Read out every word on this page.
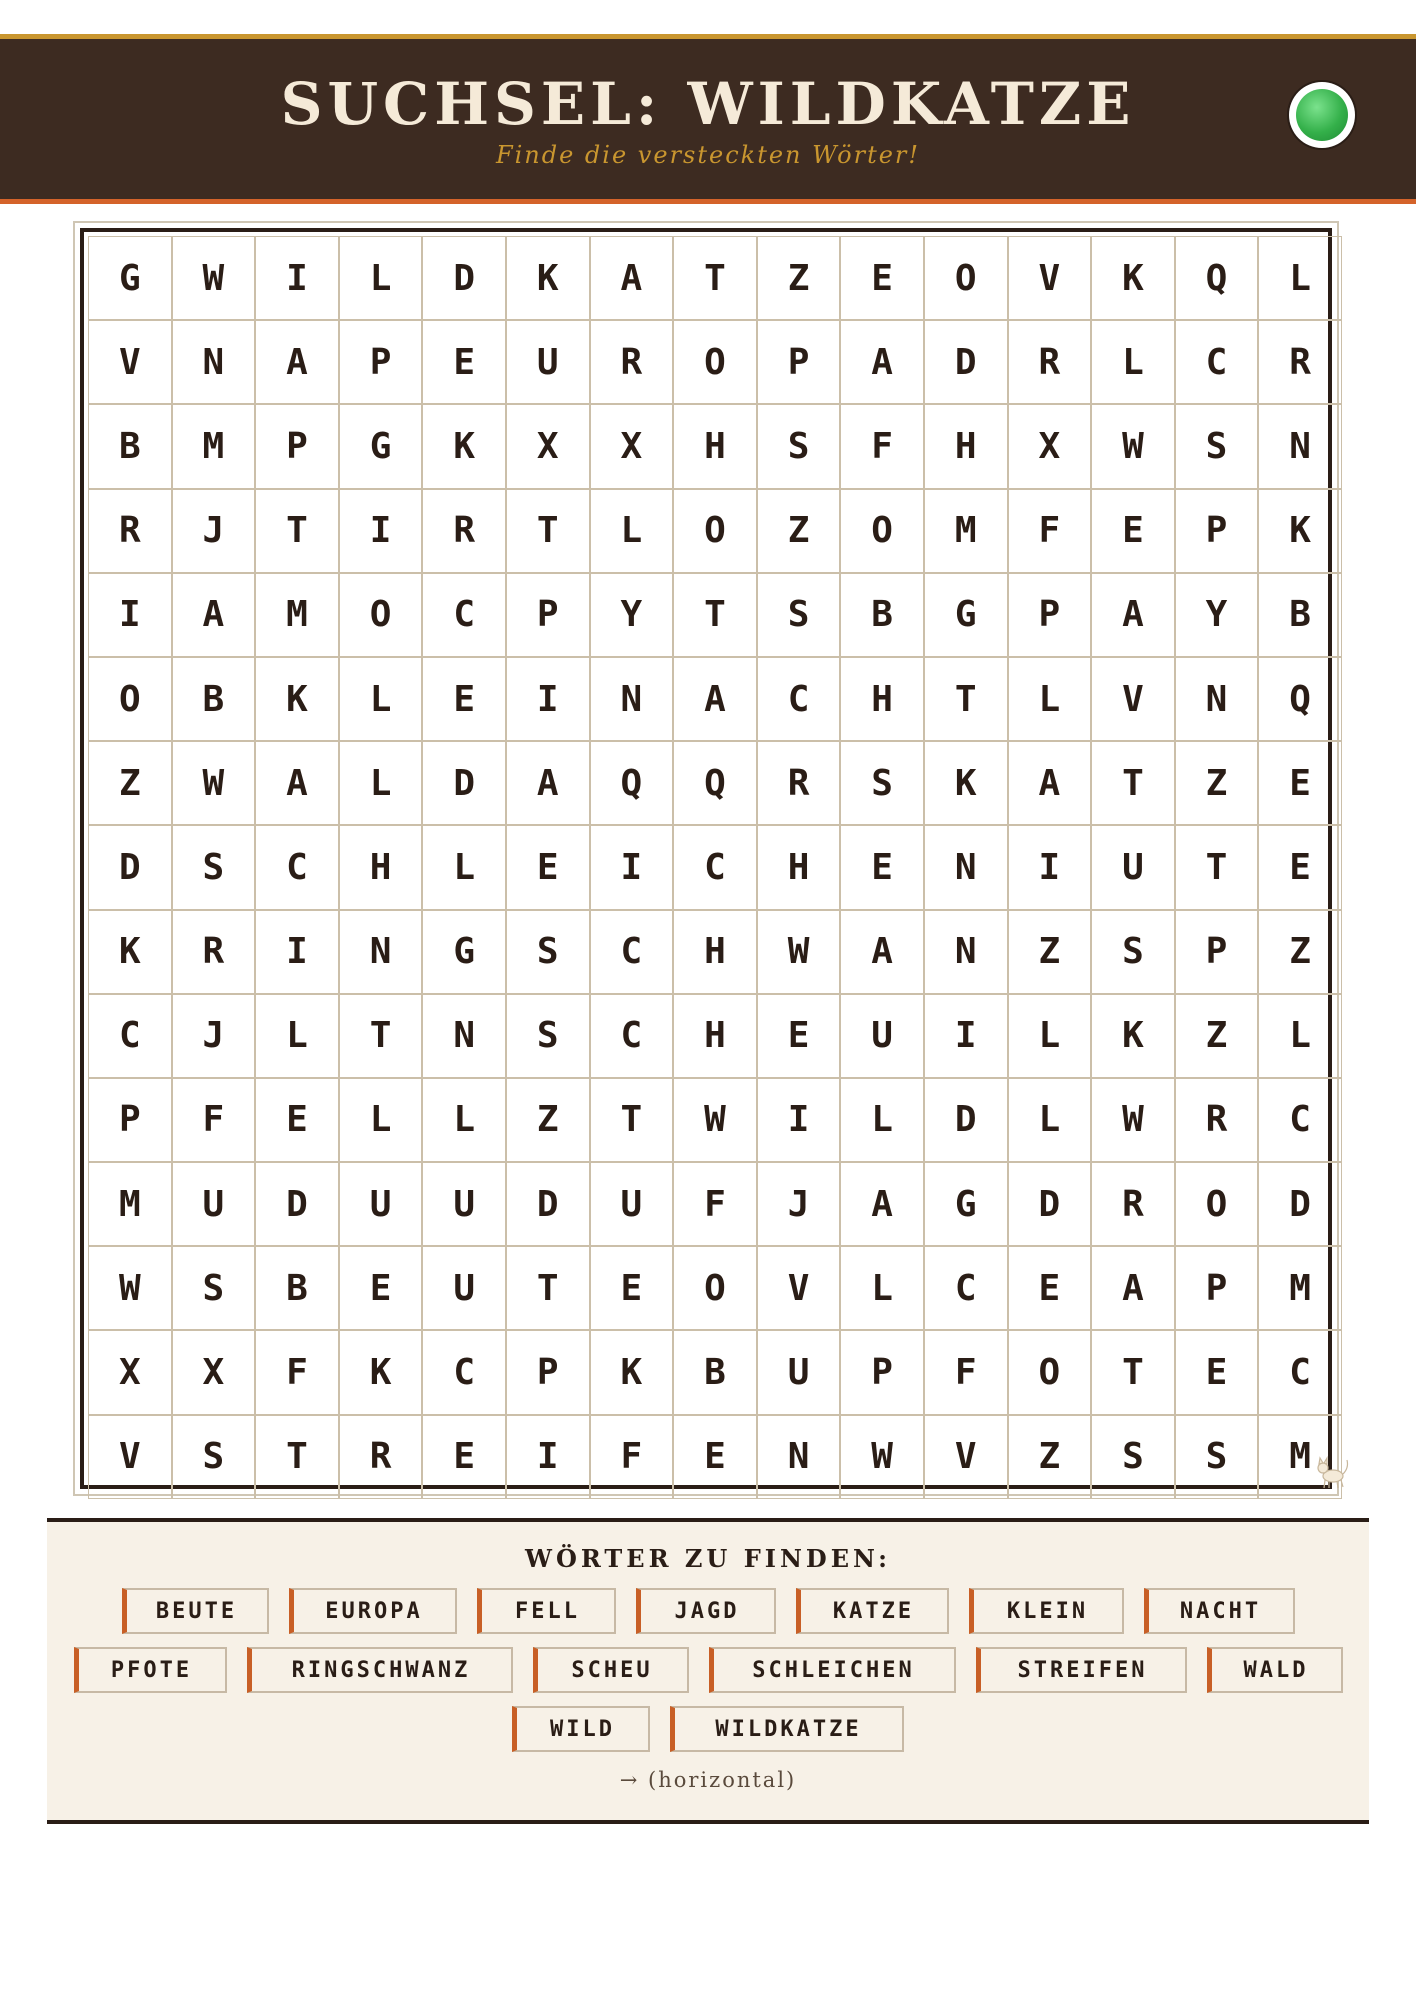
SUCHSEL: WILDKATZE
Finde die versteckten Wörter!
G	W	I	L	D	K	A	T	Z	E	O	V	K	Q	L
V	N	A	P	E	U	R	O	P	A	D	R	L	C	R
B	M	P	G	K	X	X	H	S	F	H	X	W	S	N
R	J	T	I	R	T	L	O	Z	O	M	F	E	P	K
I	A	M	O	C	P	Y	T	S	B	G	P	A	Y	B
O	B	K	L	E	I	N	A	C	H	T	L	V	N	Q
Z	W	A	L	D	A	Q	Q	R	S	K	A	T	Z	E
D	S	C	H	L	E	I	C	H	E	N	I	U	T	E
K	R	I	N	G	S	C	H	W	A	N	Z	S	P	Z
C	J	L	T	N	S	C	H	E	U	I	L	K	Z	L
P	F	E	L	L	Z	T	W	I	L	D	L	W	R	C
M	U	D	U	U	D	U	F	J	A	G	D	R	O	D
W	S	B	E	U	T	E	O	V	L	C	E	A	P	M
X	X	F	K	C	P	K	B	U	P	F	O	T	E	C
V	S	T	R	E	I	F	E	N	W	V	Z	S	S	M
WÖRTER ZU FINDEN:
BEUTE	EUROPA	FELL	JAGD	KATZE	KLEIN	NACHT
PFOTE	RINGSCHWANZ	SCHEU	SCHLEICHEN	STREIFEN	WALD
WILD	WILDKATZE
→ (horizontal)
